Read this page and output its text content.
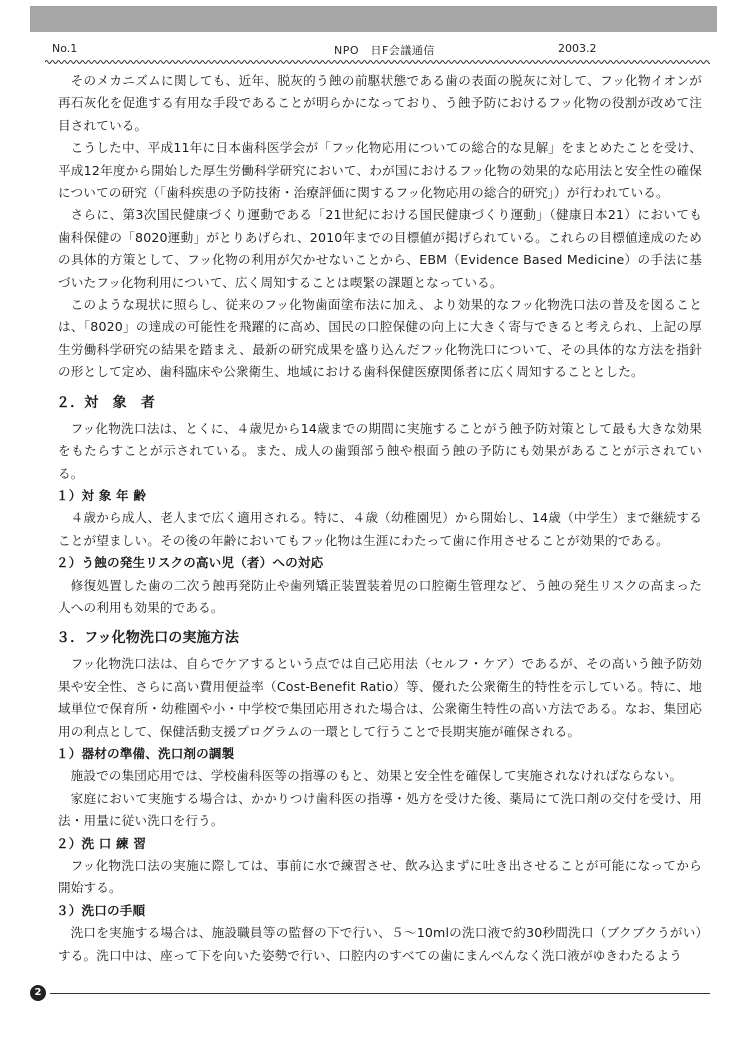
No.1	NPO　日F会議通信	2003.2

そのメカニズムに関しても、近年、脱灰的う蝕の前駆状態である歯の表面の脱灰に対して、フッ化物イオンが再石灰化を促進する有用な手段であることが明らかになっており、う蝕予防におけるフッ化物の役割が改めて注目されている。

こうした中、平成11年に日本歯科医学会が「フッ化物応用についての総合的な見解」をまとめたことを受け、平成12年度から開始した厚生労働科学研究において、わが国におけるフッ化物の効果的な応用法と安全性の確保についての研究（「歯科疾患の予防技術・治療評価に関するフッ化物応用の総合的研究」）が行われている。

さらに、第3次国民健康づくり運動である「21世紀における国民健康づくり運動」（健康日本21）においても歯科保健の「8020運動」がとりあげられ、2010年までの目標値が掲げられている。これらの目標値達成のための具体的方策として、フッ化物の利用が欠かせないことから、EBM（Evidence Based Medicine）の手法に基づいたフッ化物利用について、広く周知することは喫緊の課題となっている。

このような現状に照らし、従来のフッ化物歯面塗布法に加え、より効果的なフッ化物洗口法の普及を図ることは、「8020」の達成の可能性を飛躍的に高め、国民の口腔保健の向上に大きく寄与できると考えられ、上記の厚生労働科学研究の結果を踏まえ、最新の研究成果を盛り込んだフッ化物洗口について、その具体的な方法を指針の形として定め、歯科臨床や公衆衛生、地域における歯科保健医療関係者に広く周知することとした。

２．対　象　者

フッ化物洗口法は、とくに、４歳児から14歳までの期間に実施することがう蝕予防対策として最も大きな効果をもたらすことが示されている。また、成人の歯頸部う蝕や根面う蝕の予防にも効果があることが示されている。

１）対 象 年 齢

４歳から成人、老人まで広く適用される。特に、４歳（幼稚園児）から開始し、14歳（中学生）まで継続することが望ましい。その後の年齢においてもフッ化物は生涯にわたって歯に作用させることが効果的である。

２）う蝕の発生リスクの高い児（者）への対応

修復処置した歯の二次う蝕再発防止や歯列矯正装置装着児の口腔衛生管理など、う蝕の発生リスクの高まった人への利用も効果的である。

３．フッ化物洗口の実施方法

フッ化物洗口法は、自らでケアするという点では自己応用法（セルフ・ケア）であるが、その高いう蝕予防効果や安全性、さらに高い費用便益率（Cost-Benefit Ratio）等、優れた公衆衛生的特性を示している。特に、地域単位で保育所・幼稚園や小・中学校で集団応用された場合は、公衆衛生特性の高い方法である。なお、集団応用の利点として、保健活動支援プログラムの一環として行うことで長期実施が確保される。

１）器材の準備、洗口剤の調製

施設での集団応用では、学校歯科医等の指導のもと、効果と安全性を確保して実施されなければならない。

家庭において実施する場合は、かかりつけ歯科医の指導・処方を受けた後、薬局にて洗口剤の交付を受け、用法・用量に従い洗口を行う。

２）洗 口 練 習

フッ化物洗口法の実施に際しては、事前に水で練習させ、飲み込まずに吐き出させることが可能になってから開始する。

３）洗口の手順

洗口を実施する場合は、施設職員等の監督の下で行い、５～10mlの洗口液で約30秒間洗口（ブクブクうがい）する。洗口中は、座って下を向いた姿勢で行い、口腔内のすべての歯にまんべんなく洗口液がゆきわたるよう

2
